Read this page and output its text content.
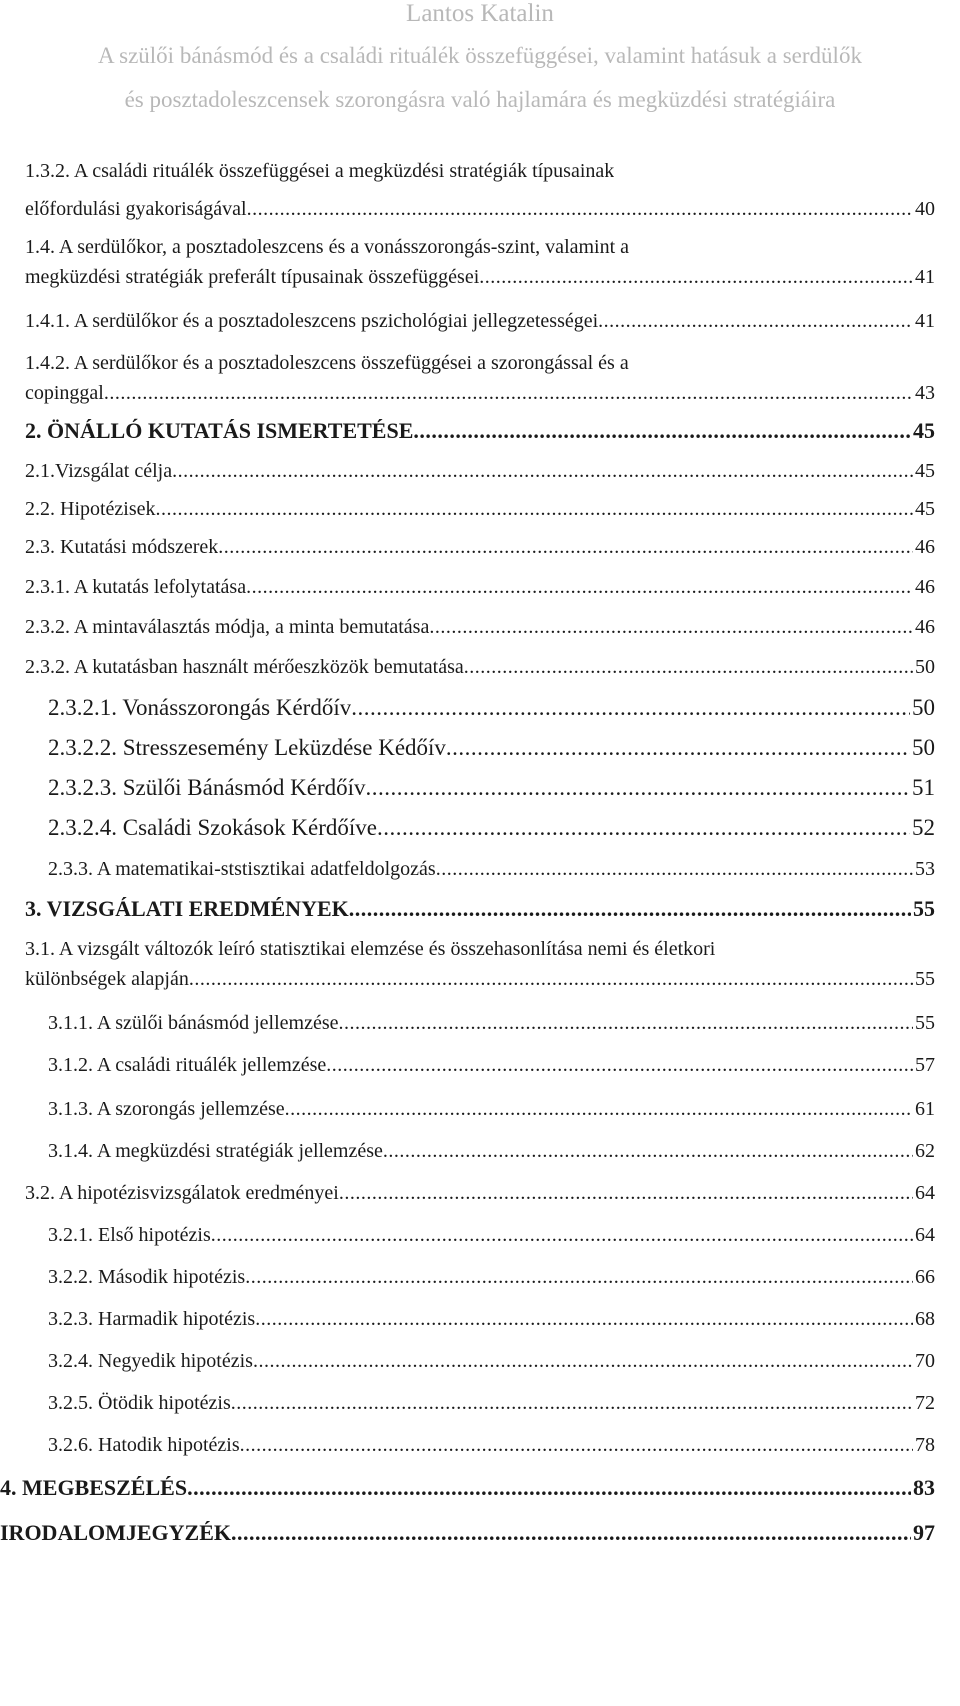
Lantos Katalin
A szülői bánásmód és a családi rituálék összefüggései, valamint hatásuk a serdülők
és posztadoleszcensek szorongásra való hajlamára és megküzdési stratégiáira
1.3.2. A családi rituálék összefüggései a megküzdési stratégiák típusainak
előfordulási gyakoriságával .....	40
1.4. A serdülőkor, a posztadoleszcens és a vonásszorongás-szint, valamint a
megküzdési stratégiák preferált típusainak összefüggései .....	41
1.4.1. A serdülőkor és a posztadoleszcens pszichológiai jellegzetességei .....	41
1.4.2. A serdülőkor és a posztadoleszcens összefüggései a szorongással és a
copinggal .....	43
2. ÖNÁLLÓ KUTATÁS ISMERTETÉSE .....	45
2.1.Vizsgálat célja .....	45
2.2. Hipotézisek .....	45
2.3. Kutatási módszerek .....	46
2.3.1. A kutatás lefolytatása .....	46
2.3.2. A mintaválasztás módja, a minta bemutatása .....	46
2.3.2. A kutatásban használt mérőeszközök bemutatása .....	50
2.3.2.1. Vonásszorongás Kérdőív .....	50
2.3.2.2. Stresszesemény Leküzdése Kédőív .....	50
2.3.2.3. Szülői Bánásmód Kérdőív .....	51
2.3.2.4. Családi Szokások Kérdőíve .....	52
2.3.3. A matematikai-ststisztikai adatfeldolgozás .....	53
3. VIZSGÁLATI EREDMÉNYEK .....	55
3.1. A vizsgált változók leíró statisztikai elemzése és összehasonlítása nemi és életkori
különbségek alapján .....	55
3.1.1. A szülői bánásmód jellemzése .....	55
3.1.2. A családi rituálék jellemzése .....	57
3.1.3. A szorongás jellemzése .....	61
3.1.4. A megküzdési stratégiák jellemzése .....	62
3.2. A hipotézisvizsgálatok eredményei .....	64
3.2.1. Első hipotézis .....	64
3.2.2. Második hipotézis .....	66
3.2.3. Harmadik hipotézis .....	68
3.2.4. Negyedik hipotézis .....	70
3.2.5. Ötödik hipotézis .....	72
3.2.6. Hatodik hipotézis .....	78
4. MEGBESZÉLÉS .....	83
IRODALOMJEGYZÉK .....	97
